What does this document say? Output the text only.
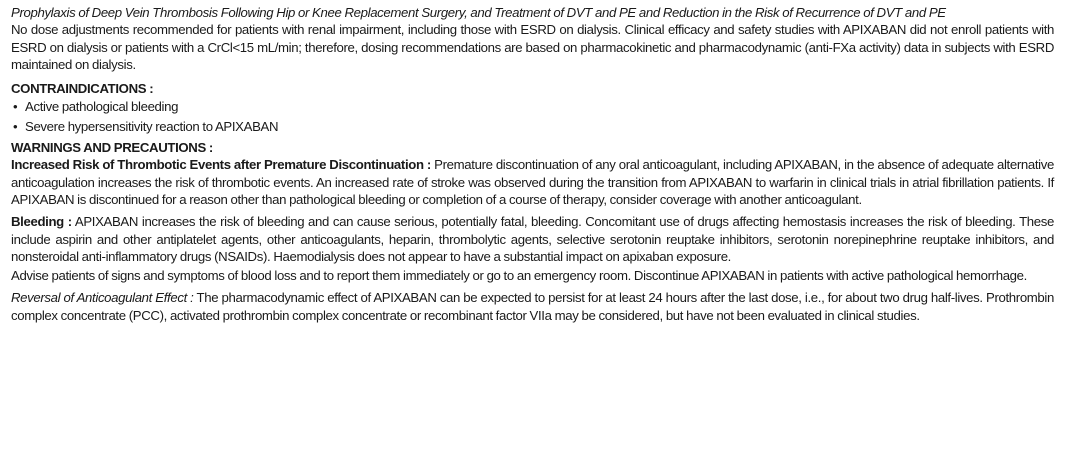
Prophylaxis of Deep Vein Thrombosis Following Hip or Knee Replacement Surgery, and Treatment of DVT and PE and Reduction in the Risk of Recurrence of DVT and PE

No dose adjustments recommended for patients with renal impairment, including those with ESRD on dialysis. Clinical efficacy and safety studies with APIXABAN did not enroll patients with ESRD on dialysis or patients with a CrCl<15 mL/min; therefore, dosing recommendations are based on pharmacokinetic and pharmacodynamic (anti-FXa activity) data in subjects with ESRD maintained on dialysis.

CONTRAINDICATIONS :

• Active pathological bleeding
• Severe hypersensitivity reaction to APIXABAN

WARNINGS AND PRECAUTIONS :

Increased Risk of Thrombotic Events after Premature Discontinuation : Premature discontinuation of any oral anticoagulant, including APIXABAN, in the absence of adequate alternative anticoagulation increases the risk of thrombotic events. An increased rate of stroke was observed during the transition from APIXABAN to warfarin in clinical trials in atrial fibrillation patients. If APIXABAN is discontinued for a reason other than pathological bleeding or completion of a course of therapy, consider coverage with another anticoagulant.

Bleeding : APIXABAN increases the risk of bleeding and can cause serious, potentially fatal, bleeding. Concomitant use of drugs affecting hemostasis increases the risk of bleeding. These include aspirin and other antiplatelet agents, other anticoagulants, heparin, thrombolytic agents, selective serotonin reuptake inhibitors, serotonin norepinephrine reuptake inhibitors, and nonsteroidal anti-inflammatory drugs (NSAIDs). Haemodialysis does not appear to have a substantial impact on apixaban exposure.

Advise patients of signs and symptoms of blood loss and to report them immediately or go to an emergency room. Discontinue APIXABAN in patients with active pathological hemorrhage.

Reversal of Anticoagulant Effect : The pharmacodynamic effect of APIXABAN can be expected to persist for at least 24 hours after the last dose, i.e., for about two drug half-lives. Prothrombin complex concentrate (PCC), activated prothrombin complex concentrate or recombinant factor VIIa may be considered, but have not been evaluated in clinical studies.
